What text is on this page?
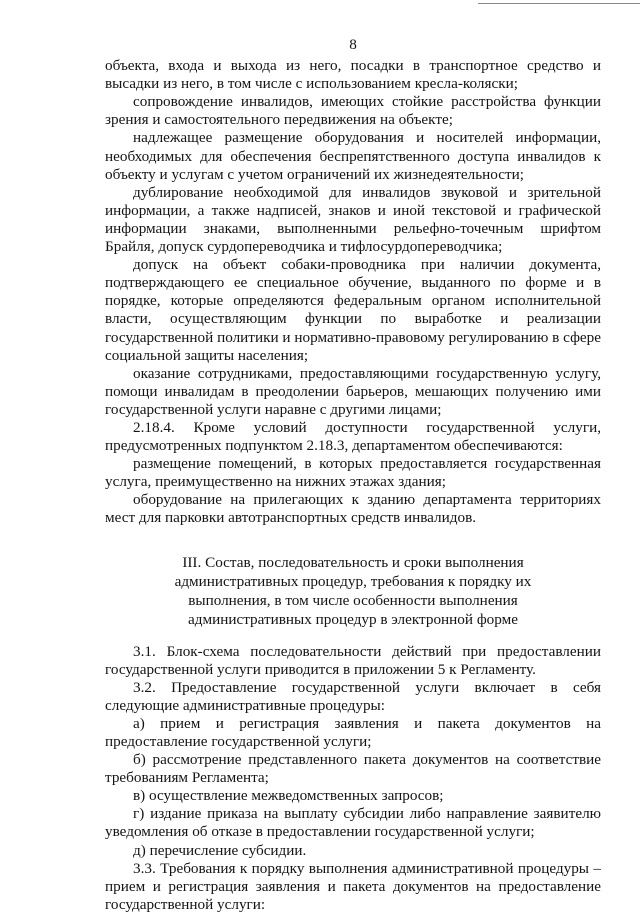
8

объекта, входа и выхода из него, посадки в транспортное средство и высадки из него, в том числе с использованием кресла-коляски;

сопровождение инвалидов, имеющих стойкие расстройства функции зрения и самостоятельного передвижения на объекте;

надлежащее размещение оборудования и носителей информации, необходимых для обеспечения беспрепятственного доступа инвалидов к объекту и услугам с учетом ограничений их жизнедеятельности;

дублирование необходимой для инвалидов звуковой и зрительной информации, а также надписей, знаков и иной текстовой и графической информации знаками, выполненными рельефно-точечным шрифтом Брайля, допуск сурдопереводчика и тифлосурдопереводчика;

допуск на объект собаки-проводника при наличии документа, подтверждающего ее специальное обучение, выданного по форме и в порядке, которые определяются федеральным органом исполнительной власти, осуществляющим функции по выработке и реализации государственной политики и нормативно-правовому регулированию в сфере социальной защиты населения;

оказание сотрудниками, предоставляющими государственную услугу, помощи инвалидам в преодолении барьеров, мешающих получению ими государственной услуги наравне с другими лицами;

2.18.4. Кроме условий доступности государственной услуги, предусмотренных подпунктом 2.18.3, департаментом обеспечиваются:

размещение помещений, в которых предоставляется государственная услуга, преимущественно на нижних этажах здания;

оборудование на прилегающих к зданию департамента территориях мест для парковки автотранспортных средств инвалидов.

III. Состав, последовательность и сроки выполнения
административных процедур, требования к порядку их
выполнения, в том числе особенности выполнения
административных процедур в электронной форме

3.1. Блок-схема последовательности действий при предоставлении государственной услуги приводится в приложении 5 к Регламенту.

3.2. Предоставление государственной услуги включает в себя следующие административные процедуры:

а) прием и регистрация заявления и пакета документов на предоставление государственной услуги;

б) рассмотрение представленного пакета документов на соответствие требованиям Регламента;

в) осуществление межведомственных запросов;

г) издание приказа на выплату субсидии либо направление заявителю уведомления об отказе в предоставлении государственной услуги;

д) перечисление субсидии.

3.3. Требования к порядку выполнения административной процедуры – прием и регистрация заявления и пакета документов на предоставление государственной услуги:
